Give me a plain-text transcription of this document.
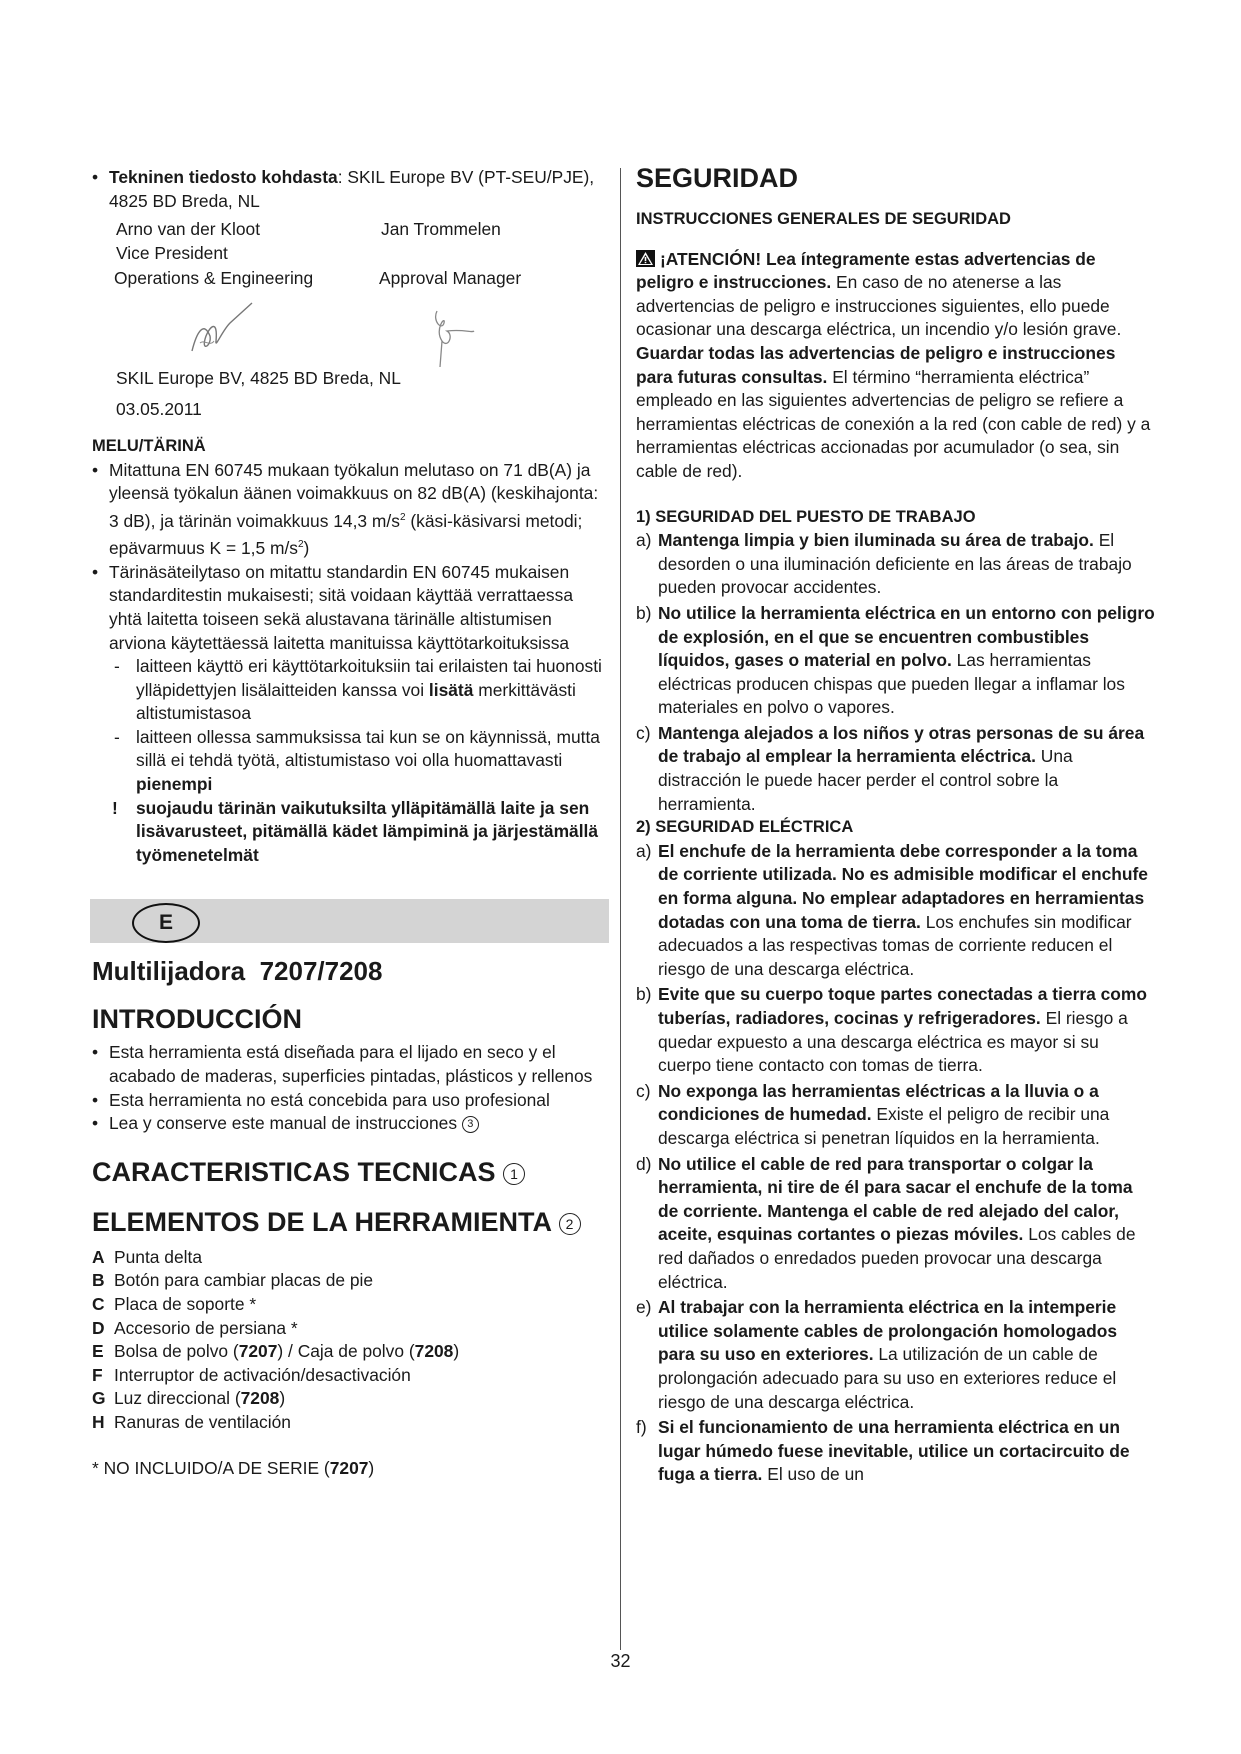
• Tekninen tiedosto kohdasta: SKIL Europe BV (PT-SEU/PJE), 4825 BD Breda, NL

Arno van der Kloot	Jan Trommelen
Vice President
Operations & Engineering	Approval Manager

SKIL Europe BV, 4825 BD Breda, NL

03.05.2011

MELU/TÄRINÄ

• Mitattuna EN 60745 mukaan työkalun melutaso on 71 dB(A) ja yleensä työkalun äänen voimakkuus on 82 dB(A) (keskihajonta: 3 dB), ja tärinän voimakkuus 14,3 $m/s^2$ (käsi-käsivarsi metodi; epävarmuus K = 1,5 $m/s^2$)

• Tärinäsäteilytaso on mitattu standardin EN 60745 mukaisen standarditestin mukaisesti; sitä voidaan käyttää verrattaessa yhtä laitetta toiseen sekä alustavana tärinälle altistumisen arviona käytettäessä laitetta manituissa käyttötarkoituksissa

- laitteen käyttö eri käyttötarkoituksiin tai erilaisten tai huonosti ylläpidettyjen lisälaitteiden kanssa voi lisätä merkittävästi altistumistasoa

- laitteen ollessa sammuksissa tai kun se on käynnissä, mutta sillä ei tehdä työtä, altistumistaso voi olla huomattavasti pienempi

! suojaudu tärinän vaikutuksilta ylläpitämällä laite ja sen lisävarusteet, pitämällä kädet lämpiminä ja järjestämällä työmenetelmät

E

Multilijadora  7207/7208

INTRODUCCIÓN

• Esta herramienta está diseñada para el lijado en seco y el acabado de maderas, superficies pintadas, plásticos y rellenos

• Esta herramienta no está concebida para uso profesional

• Lea y conserve este manual de instrucciones 3

CARACTERISTICAS TECNICAS 1

ELEMENTOS DE LA HERRAMIENTA 2

A Punta delta

B Botón para cambiar placas de pie

C Placa de soporte *

D Accesorio de persiana *

E Bolsa de polvo (7207) / Caja de polvo (7208)

F Interruptor de activación/desactivación

G Luz direccional (7208)

H Ranuras de ventilación

* NO INCLUIDO/A DE SERIE (7207)

SEGURIDAD

INSTRUCCIONES GENERALES DE SEGURIDAD

¡ATENCIÓN! Lea íntegramente estas advertencias de peligro e instrucciones. En caso de no atenerse a las advertencias de peligro e instrucciones siguientes, ello puede ocasionar una descarga eléctrica, un incendio y/o lesión grave. Guardar todas las advertencias de peligro e instrucciones para futuras consultas. El término “herramienta eléctrica” empleado en las siguientes advertencias de peligro se refiere a herramientas eléctricas de conexión a la red (con cable de red) y a herramientas eléctricas accionadas por acumulador (o sea, sin cable de red).

1) SEGURIDAD DEL PUESTO DE TRABAJO

a) Mantenga limpia y bien iluminada su área de trabajo. El desorden o una iluminación deficiente en las áreas de trabajo pueden provocar accidentes.

b) No utilice la herramienta eléctrica en un entorno con peligro de explosión, en el que se encuentren combustibles líquidos, gases o material en polvo. Las herramientas eléctricas producen chispas que pueden llegar a inflamar los materiales en polvo o vapores.

c) Mantenga alejados a los niños y otras personas de su área de trabajo al emplear la herramienta eléctrica. Una distracción le puede hacer perder el control sobre la herramienta.

2) SEGURIDAD ELÉCTRICA

a) El enchufe de la herramienta debe corresponder a la toma de corriente utilizada. No es admisible modificar el enchufe en forma alguna. No emplear adaptadores en herramientas dotadas con una toma de tierra. Los enchufes sin modificar adecuados a las respectivas tomas de corriente reducen el riesgo de una descarga eléctrica.

b) Evite que su cuerpo toque partes conectadas a tierra como tuberías, radiadores, cocinas y refrigeradores. El riesgo a quedar expuesto a una descarga eléctrica es mayor si su cuerpo tiene contacto con tomas de tierra.

c) No exponga las herramientas eléctricas a la lluvia o a condiciones de humedad. Existe el peligro de recibir una descarga eléctrica si penetran líquidos en la herramienta.

d) No utilice el cable de red para transportar o colgar la herramienta, ni tire de él para sacar el enchufe de la toma de corriente. Mantenga el cable de red alejado del calor, aceite, esquinas cortantes o piezas móviles. Los cables de red dañados o enredados pueden provocar una descarga eléctrica.

e) Al trabajar con la herramienta eléctrica en la intemperie utilice solamente cables de prolongación homologados para su uso en exteriores. La utilización de un cable de prolongación adecuado para su uso en exteriores reduce el riesgo de una descarga eléctrica.

f) Si el funcionamiento de una herramienta eléctrica en un lugar húmedo fuese inevitable, utilice un cortacircuito de fuga a tierra. El uso de un

32
